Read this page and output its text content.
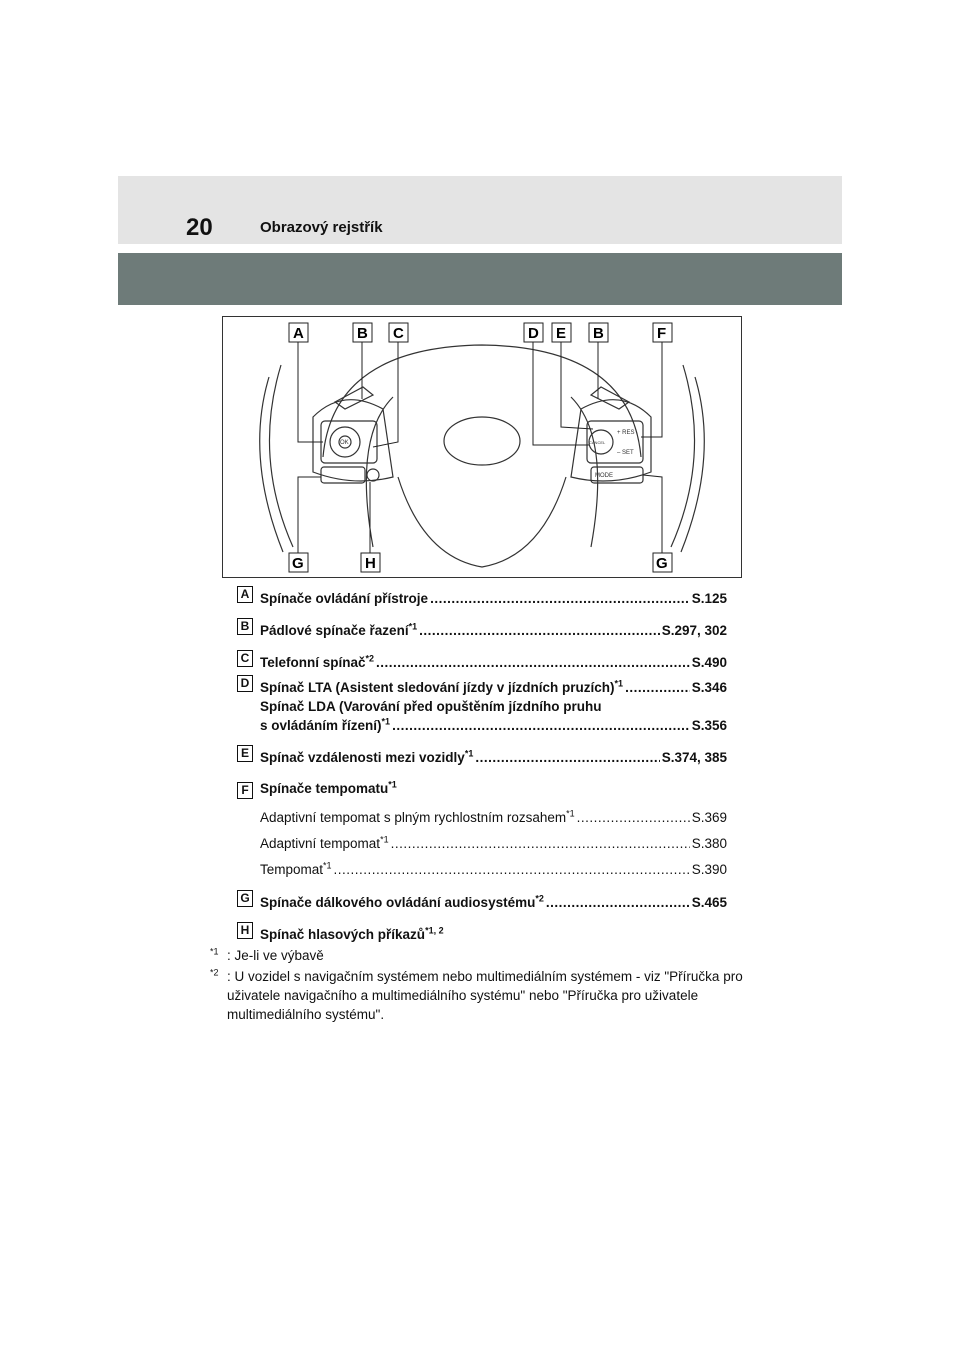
20	Obrazový rejstřík
OK
MODE
+ RES
– SET
CANCEL
A	B C	D E B	F
G	H	G
A Spínače ovládání přístroje .....	S.125
B Pádlové spínače řazení$^{*1}$ .....	S.297, 302
C Telefonní spínač$^{*2}$ .....	S.490
D Spínač LTA (Asistent sledování jízdy v jízdních pruzích)$^{*1}$ .....	S.346
Spínač LDA (Varování před opuštěním jízdního pruhu
s ovládáním řízení)$^{*1}$ .....	S.356
E Spínač vzdálenosti mezi vozidly$^{*1}$ .....	S.374, 385
F Spínače tempomatu$^{*1}$
Adaptivní tempomat s plným rychlostním rozsahem$^{*1}$ .....	S.369
Adaptivní tempomat$^{*1}$ .....	S.380
Tempomat$^{*1}$ .....	S.390
G Spínače dálkového ovládání audiosystému$^{*2}$ .....	S.465
H Spínač hlasových příkazů$^{*1, 2}$
$^{*1}$ : Je-li ve výbavě
$^{*2}$ : U vozidel s navigačním systémem nebo multimediálním systémem - viz "Příručka pro uživatele navigačního a multimediálního systému" nebo "Příručka pro uživatele multimediálního systému".
